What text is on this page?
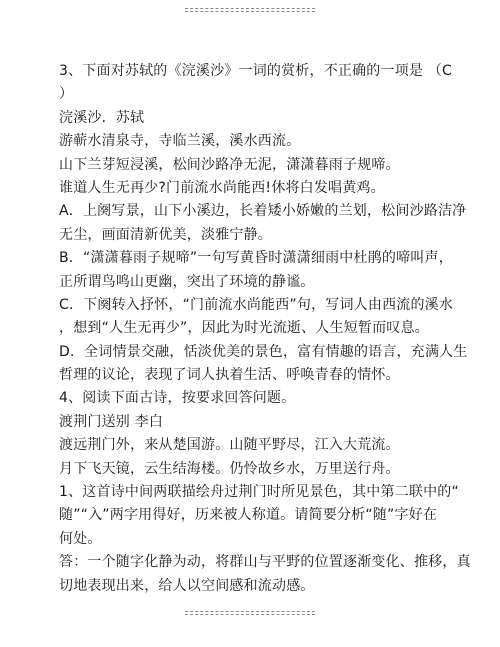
3、下面对苏轼的《浣溪沙》一词的赏析，不正确的一项是 （C
）
浣溪沙．苏轼
游蕲水清泉寺，寺临兰溪，溪水西流。
山下兰芽短浸溪，松间沙路净无泥，潇潇暮雨子规啼。
谁道人生无再少?门前流水尚能西!休将白发唱黄鸡。
A．上阕写景，山下小溪边，长着矮小娇嫩的兰划，松间沙路洁净
无尘，画面清新优美，淡雅宁静。
B．“潇潇暮雨子规啼”一句写黄昏时潇潇细雨中杜鹃的啼叫声，
正所谓鸟鸣山更幽，突出了环境的静谧。
C．下阕转入抒怀，“门前流水尚能西”句，写词人由西流的溪水
，想到“人生无再少”，因此为时光流逝、人生短暂而叹息。
D．全词情景交融，恬淡优美的景色，富有情趣的语言，充满人生
哲理的议论，表现了词人执着生活、呼唤青春的情怀。
4、阅读下面古诗，按要求回答问题。
渡荆门送别 李白
渡远荆门外，来从楚国游。山随平野尽，江入大荒流。
月下飞天镜，云生结海楼。仍怜故乡水，万里送行舟。
1、这首诗中间两联描绘舟过荆门时所见景色，其中第二联中的“
随”“入”两字用得好，历来被人称道。请简要分析“随”字好在
何处。
答：一个随字化静为动，将群山与平野的位置逐渐变化、推移，真
切地表现出来，给人以空间感和流动感。
